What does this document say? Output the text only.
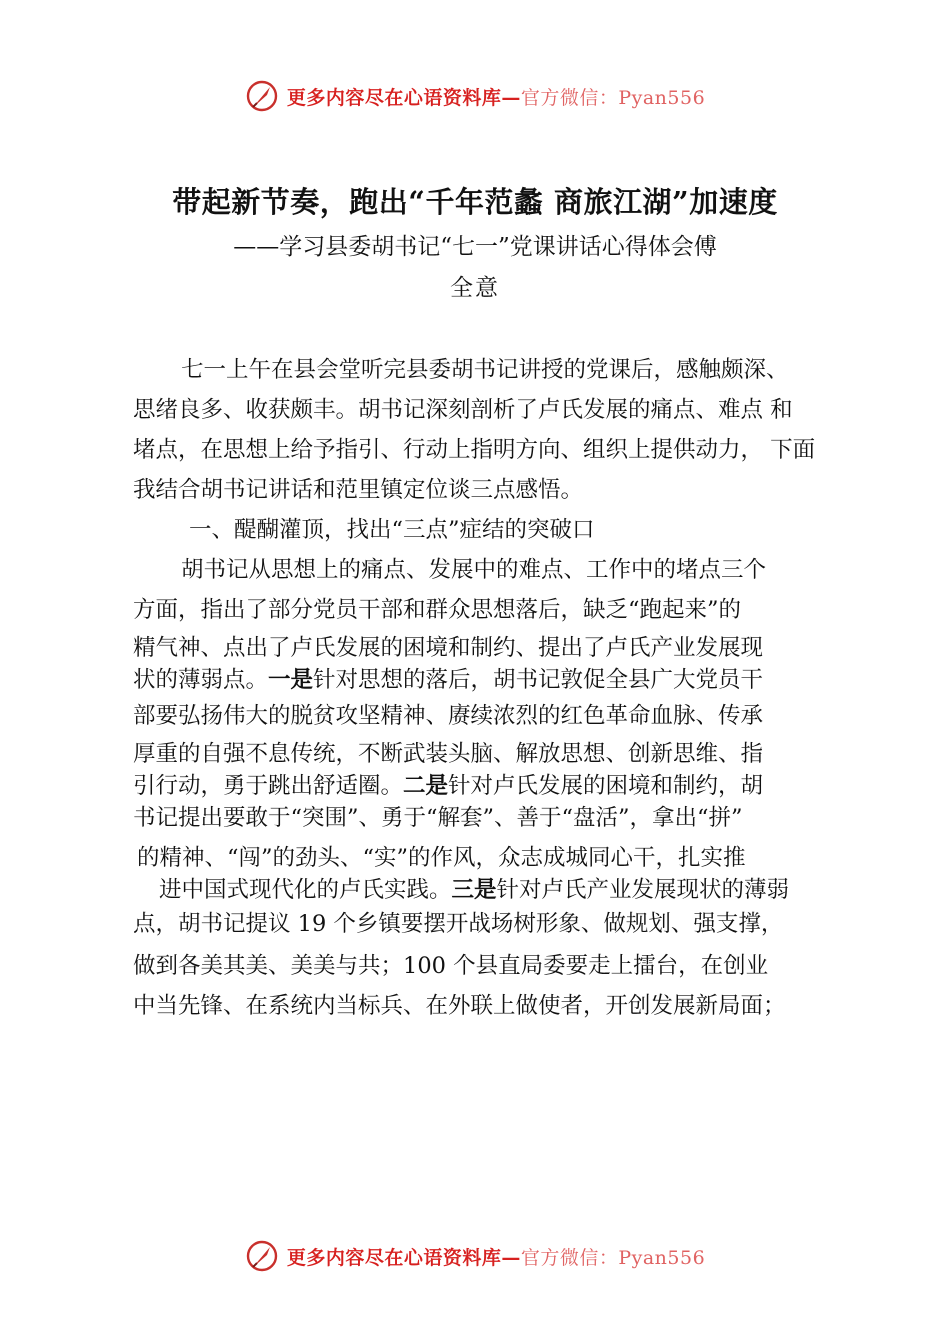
更多内容尽在心语资料库—官方微信：Pyan556
带起新节奏，跑出“千年范蠡 商旅江湖”加速度
——学习县委胡书记“七一”党课讲话心得体会傅
全意
七一上午在县会堂听完县委胡书记讲授的党课后，感触颇深、
思绪良多、收获颇丰。胡书记深刻剖析了卢氏发展的痛点、难点 和
堵点，在思想上给予指引、行动上指明方向、组织上提供动力， 下面
我结合胡书记讲话和范里镇定位谈三点感悟。
一、醍醐灌顶，找出“三点”症结的突破口
胡书记从思想上的痛点、发展中的难点、工作中的堵点三个
方面，指出了部分党员干部和群众思想落后，缺乏“跑起来”的
精气神、点出了卢氏发展的困境和制约、提出了卢氏产业发展现
状的薄弱点。一是针对思想的落后，胡书记敦促全县广大党员干
部要弘扬伟大的脱贫攻坚精神、赓续浓烈的红色革命血脉、传承
厚重的自强不息传统，不断武装头脑、解放思想、创新思维、指
引行动，勇于跳出舒适圈。二是针对卢氏发展的困境和制约，胡
书记提出要敢于“突围”、勇于“解套”、善于“盘活”，拿出“拼”
的精神、“闯”的劲头、“实”的作风，众志成城同心干，扎实推
进中国式现代化的卢氏实践。三是针对卢氏产业发展现状的薄弱
点，胡书记提议 19 个乡镇要摆开战场树形象、做规划、强支撑，
做到各美其美、美美与共；100 个县直局委要走上擂台，在创业
中当先锋、在系统内当标兵、在外联上做使者，开创发展新局面；
更多内容尽在心语资料库—官方微信：Pyan556
